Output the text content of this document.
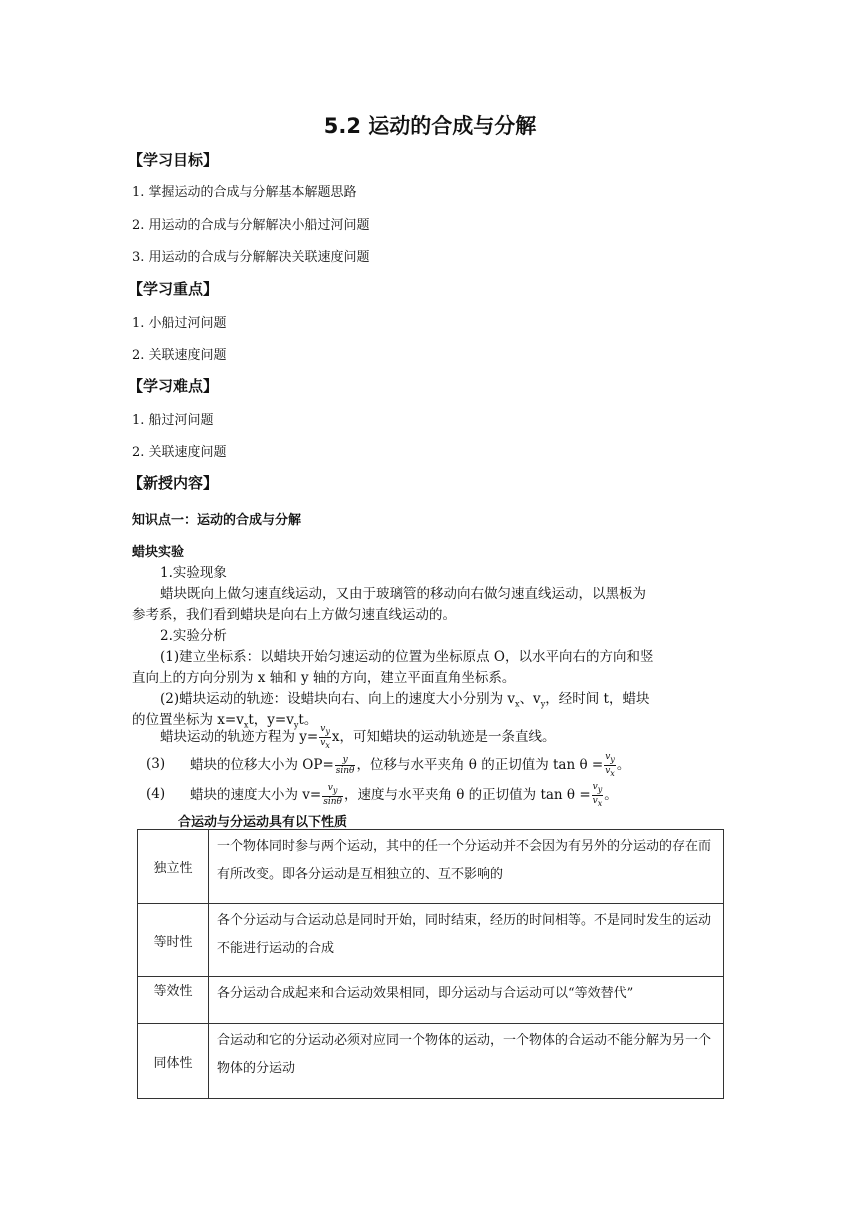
5.2 运动的合成与分解
【学习目标】
1. 掌握运动的合成与分解基本解题思路
2. 用运动的合成与分解解决小船过河问题
3. 用运动的合成与分解解决关联速度问题
【学习重点】
1. 小船过河问题
2. 关联速度问题
【学习难点】
1. 船过河问题
2. 关联速度问题
【新授内容】
知识点一：运动的合成与分解
蜡块实验
1.实验现象
蜡块既向上做匀速直线运动，又由于玻璃管的移动向右做匀速直线运动，以黑板为
参考系，我们看到蜡块是向右上方做匀速直线运动的。
2.实验分析
(1)建立坐标系：以蜡块开始匀速运动的位置为坐标原点 O，以水平向右的方向和竖
直向上的方向分别为 x 轴和 y 轴的方向，建立平面直角坐标系。
(2)蜡块运动的轨迹：设蜡块向右、向上的速度大小分别为 $v_x$、$v_y$，经时间 t，蜡块
的位置坐标为 $x=v_xt$，$y=v_yt$。
蜡块运动的轨迹方程为 $y= \frac{v_y}{v_x}$ x，可知蜡块的运动轨迹是一条直线。
(3) 蜡块的位移大小为 $OP= \frac{y}{\sin\theta}$ ，位移与水平夹角 θ 的正切值为 $\tan \theta = \frac{v_y}{v_x}$ 。
(4) 蜡块的速度大小为 $v= \frac{v_y}{\sin\theta}$ ，速度与水平夹角 θ 的正切值为 $\tan \theta = \frac{v_y}{v_x}$ 。
合运动与分运动具有以下性质
独立性	一个物体同时参与两个运动，其中的任一个分运动并不会因为有另外的分运动的存在而有所改变。即各分运动是互相独立的、互不影响的
等时性	各个分运动与合运动总是同时开始，同时结束，经历的时间相等。不是同时发生的运动不能进行运动的合成
等效性	各分运动合成起来和合运动效果相同，即分运动与合运动可以“等效替代”
同体性	合运动和它的分运动必须对应同一个物体的运动，一个物体的合运动不能分解为另一个物体的分运动
